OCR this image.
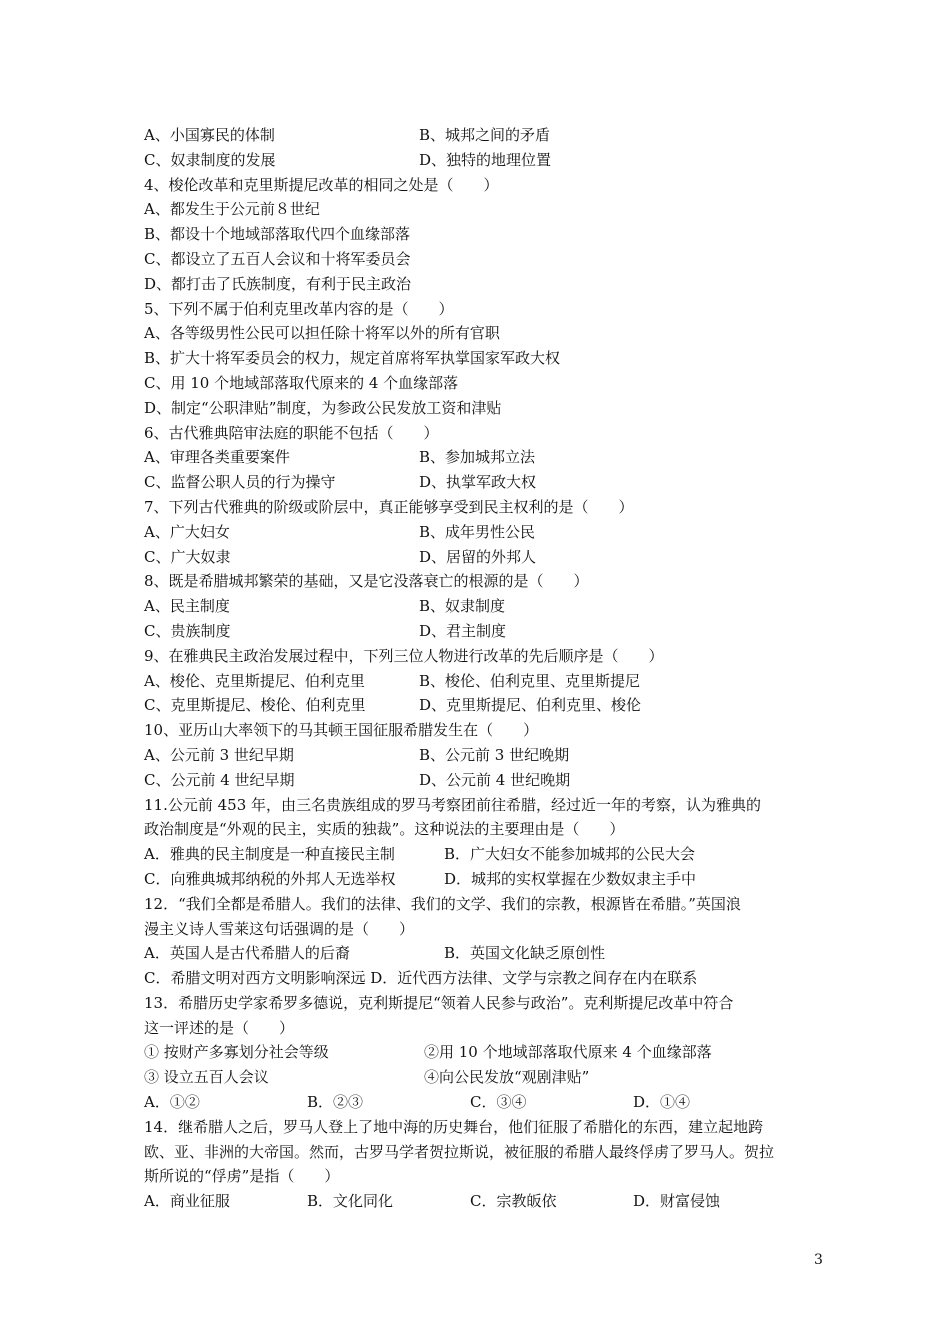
A、小国寡民的体制	B、城邦之间的矛盾
C、奴隶制度的发展	D、独特的地理位置
4、梭伦改革和克里斯提尼改革的相同之处是（　　）
A、都发生于公元前８世纪
B、都设十个地域部落取代四个血缘部落
C、都设立了五百人会议和十将军委员会
D、都打击了氏族制度，有利于民主政治
5、下列不属于伯利克里改革内容的是（　　）
A、各等级男性公民可以担任除十将军以外的所有官职
B、扩大十将军委员会的权力，规定首席将军执掌国家军政大权
C、用 10 个地域部落取代原来的 4 个血缘部落
D、制定“公职津贴”制度，为参政公民发放工资和津贴
6、古代雅典陪审法庭的职能不包括（　　）
A、审理各类重要案件	B、参加城邦立法
C、监督公职人员的行为操守	D、执掌军政大权
7、下列古代雅典的阶级或阶层中，真正能够享受到民主权利的是（　　）
A、广大妇女	B、成年男性公民
C、广大奴隶	D、居留的外邦人
8、既是希腊城邦繁荣的基础，又是它没落衰亡的根源的是（　　）
A、民主制度	B、奴隶制度
C、贵族制度	D、君主制度
9、在雅典民主政治发展过程中，下列三位人物进行改革的先后顺序是（　　）
A、梭伦、克里斯提尼、伯利克里	B、梭伦、伯利克里、克里斯提尼
C、克里斯提尼、梭伦、伯利克里	D、克里斯提尼、伯利克里、梭伦
10、亚历山大率领下的马其顿王国征服希腊发生在（　　）
A、公元前 3 世纪早期	B、公元前 3 世纪晚期
C、公元前 4 世纪早期	D、公元前 4 世纪晚期
11.公元前 453 年，由三名贵族组成的罗马考察团前往希腊，经过近一年的考察，认为雅典的
政治制度是“外观的民主，实质的独裁”。这种说法的主要理由是（　　）
A．雅典的民主制度是一种直接民主制	B．广大妇女不能参加城邦的公民大会
C．向雅典城邦纳税的外邦人无选举权	D．城邦的实权掌握在少数奴隶主手中
12．“我们全都是希腊人。我们的法律、我们的文学、我们的宗教，根源皆在希腊。”英国浪
漫主义诗人雪莱这句话强调的是（　　）
A．英国人是古代希腊人的后裔	B．英国文化缺乏原创性
C．希腊文明对西方文明影响深远 D．近代西方法律、文学与宗教之间存在内在联系
13．希腊历史学家希罗多德说，克利斯提尼“领着人民参与政治”。克利斯提尼改革中符合
这一评述的是（　　）
① 按财产多寡划分社会等级	②用 10 个地域部落取代原来 4 个血缘部落
③ 设立五百人会议	④向公民发放“观剧津贴”
A．①②	B．②③	C．③④	D．①④
14．继希腊人之后，罗马人登上了地中海的历史舞台，他们征服了希腊化的东西，建立起地跨
欧、亚、非洲的大帝国。然而，古罗马学者贺拉斯说，被征服的希腊人最终俘虏了罗马人。贺拉
斯所说的“俘虏”是指（　　）
A．商业征服	B．文化同化	C．宗教皈依	D．财富侵蚀
3
